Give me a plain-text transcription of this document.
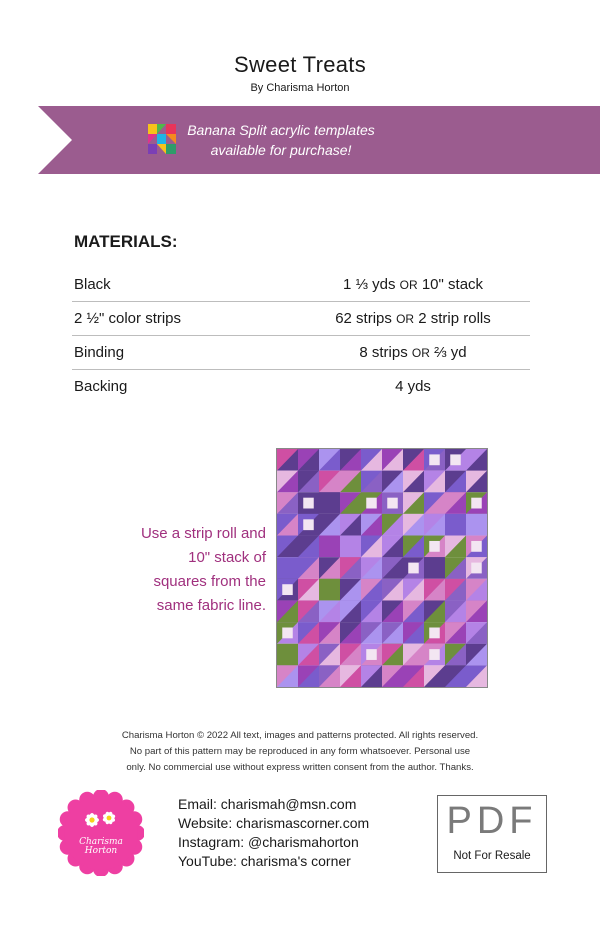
Sweet Treats
By Charisma Horton
Banana Split acrylic templates
available for purchase!
MATERIALS:
Black	1 ⅓ yds OR 10" stack
2 ½" color strips	62 strips OR 2 strip rolls
Binding	8 strips OR ⅔ yd
Backing	4 yds
Use a strip roll and
10" stack of
squares from the
same fabric line.
Charisma Horton © 2022 All text, images and patterns protected. All rights reserved.
No part of this pattern may be reproduced in any form whatsoever. Personal use
only. No commercial use without express written consent from the author. Thanks.
Charisma
Horton
Email: charismah@msn.com
Website: charismascorner.com
Instagram: @charismahorton
YouTube: charisma's corner
PDF
Not For Resale
